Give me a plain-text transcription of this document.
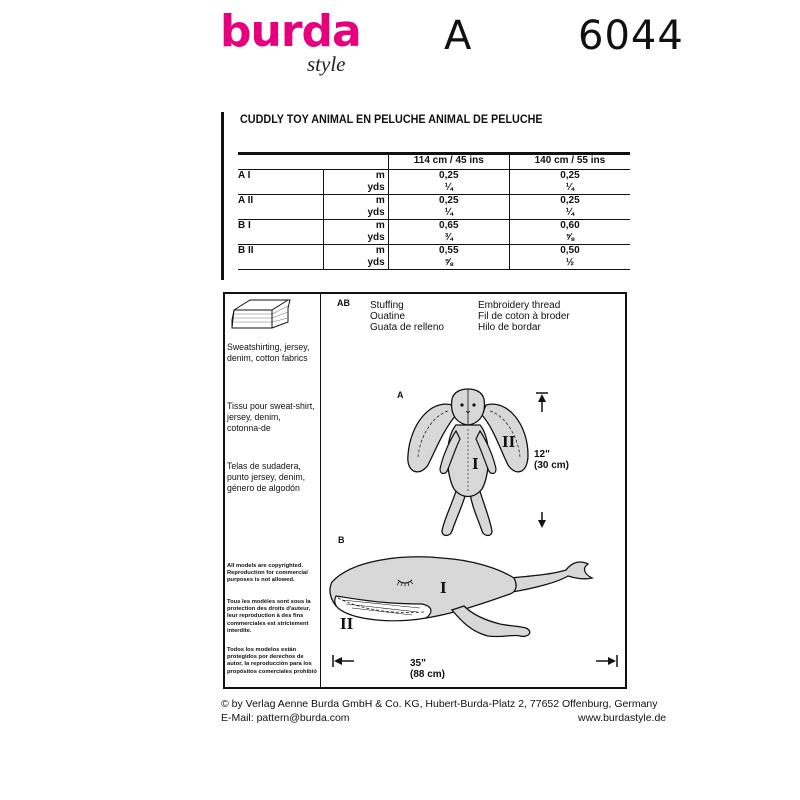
burda
style
A	6044
CUDDLY TOY ANIMAL EN PELUCHE ANIMAL DE PELUCHE
		114 cm / 45 ins	140 cm / 55 ins
A I	m	0,25	0,25
	yds	¼	¼
A II	m	0,25	0,25
	yds	¼	¼
B I	m	0,65	0,60
	yds	¾	⅝
B II	m	0,55	0,50
	yds	⅝	½
Sweatshirting, jersey, denim, cotton fabrics
Tissu pour sweat-shirt, jersey, denim, cotonna-de
Telas de sudadera, punto jersey, denim, género de algodón
All models are copyrighted. Reproduction for commercial purposes is not allowed.
Tous les modèles sont sous la protection des droits d'auteur, leur reproduction à des fins commerciales est strictement interdite.
Todos los modelos están protegidos por derechos de autor, la reproducción para los propósitos comerciales prohibió
AB Stuffing
Ouatine
Guata de relleno
Embroidery thread
Fil de coton à broder
Hilo de bordar
A
I
II
12"
(30 cm)
B
I
II
35"
(88 cm)
© by Verlag Aenne Burda GmbH & Co. KG, Hubert-Burda-Platz 2, 77652 Offenburg, Germany
E-Mail: pattern@burda.com	www.burdastyle.de
